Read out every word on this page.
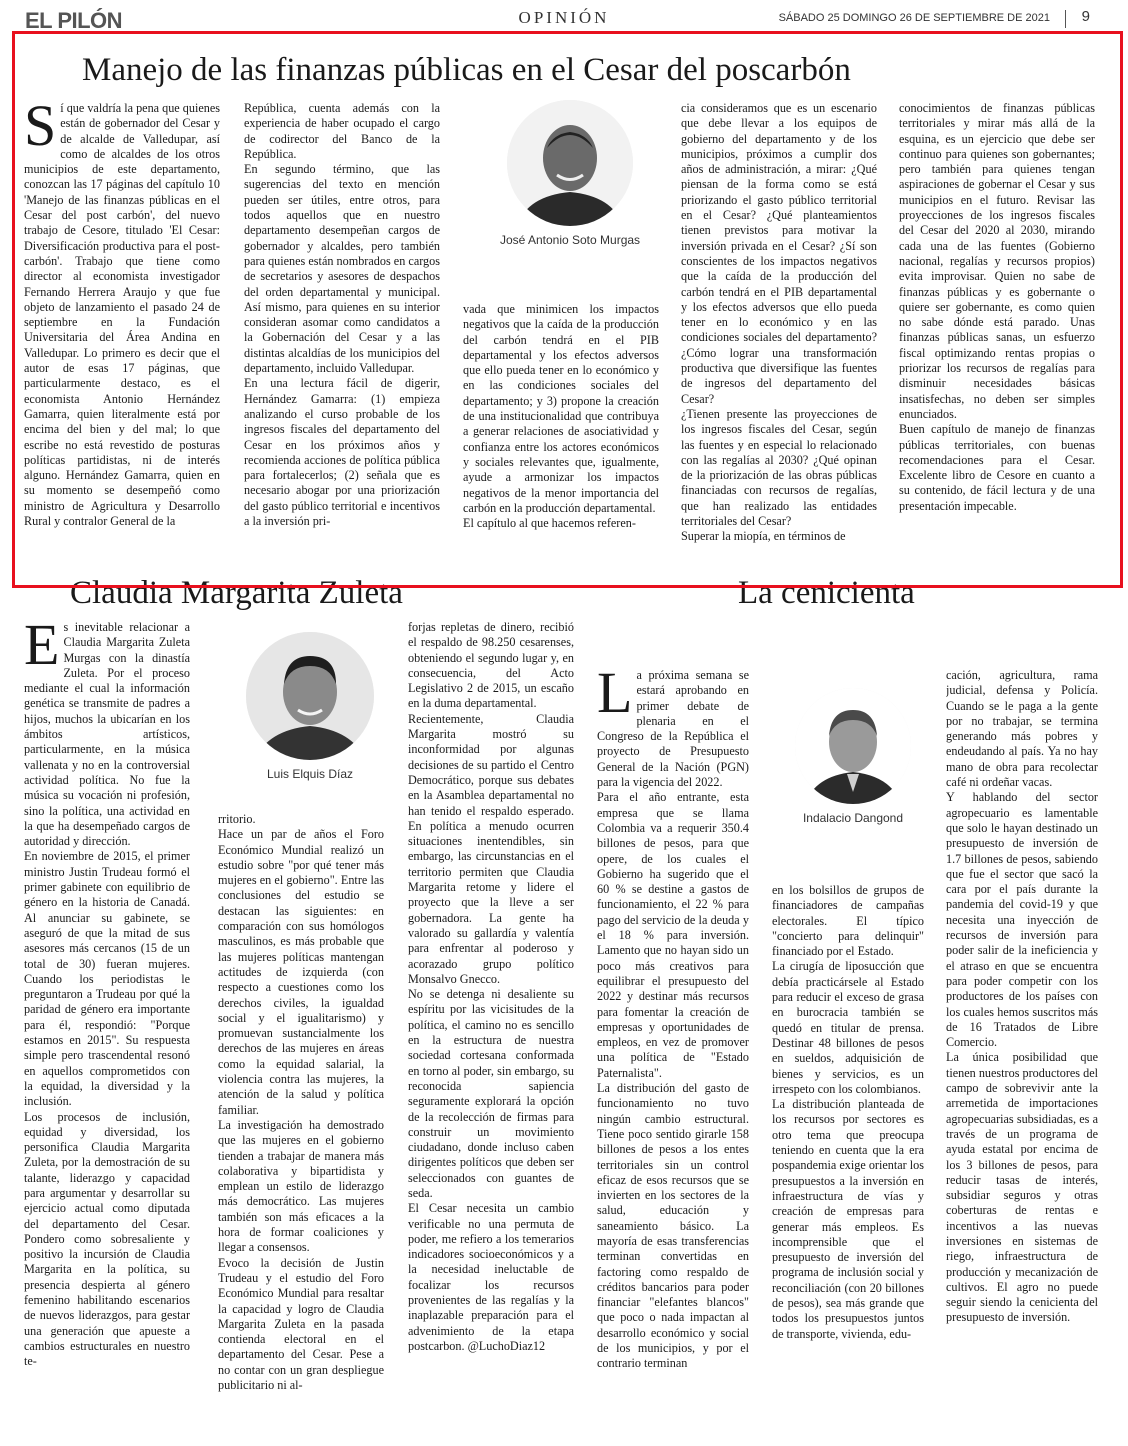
EL PILÓN	OPINIÓN	SÁBADO 25 DOMINGO 26 DE SEPTIEMBRE DE 2021 9
Manejo de las finanzas públicas en el Cesar del poscarbón

Sí que valdría la pena que quienes están de gobernador del Cesar y de alcalde de Valledupar, así como de alcaldes de los otros municipios de este departamento, conozcan las 17 páginas del capítulo 10 'Manejo de las finanzas públicas en el Cesar del post carbón', del nuevo trabajo de Cesore, titulado 'El Cesar: Diversificación productiva para el post-carbón'. Trabajo que tiene como director al economista investigador Fernando Herrera Araujo y que fue objeto de lanzamiento el pasado 24 de septiembre en la Fundación Universitaria del Área Andina en Valledupar. Lo primero es decir que el autor de esas 17 páginas, que particularmente destaco, es el economista Antonio Hernández Gamarra, quien literalmente está por encima del bien y del mal; lo que escribe no está revestido de posturas políticas partidistas, ni de interés alguno. Hernández Gamarra, quien en su momento se desempeñó como ministro de Agricultura y Desarrollo Rural y contralor General de la

República, cuenta además con la experiencia de haber ocupado el cargo de codirector del Banco de la República.

En segundo término, que las sugerencias del texto en mención pueden ser útiles, entre otros, para todos aquellos que en nuestro departamento desempeñan cargos de gobernador y alcaldes, pero también para quienes están nombrados en cargos de secretarios y asesores de despachos del orden departamental y municipal. Así mismo, para quienes en su interior consideran asomar como candidatos a la Gobernación del Cesar y a las distintas alcaldías de los municipios del departamento, incluido Valledupar.

En una lectura fácil de digerir, Hernández Gamarra: (1) empieza analizando el curso probable de los ingresos fiscales del departamento del Cesar en los próximos años y recomienda acciones de política pública para fortalecerlos; (2) señala que es necesario abogar por una priorización del gasto público territorial e incentivos a la inversión pri-

José Antonio Soto Murgas

vada que minimicen los impactos negativos que la caída de la producción del carbón tendrá en el PIB departamental y los efectos adversos que ello pueda tener en lo económico y en las condiciones sociales del departamento; y 3) propone la creación de una institucionalidad que contribuya a generar relaciones de asociatividad y confianza entre los actores económicos y sociales relevantes que, igualmente, ayude a armonizar los impactos negativos de la menor importancia del carbón en la producción departamental.

El capítulo al que hacemos referen-

cia consideramos que es un escenario que debe llevar a los equipos de gobierno del departamento y de los municipios, próximos a cumplir dos años de administración, a mirar: ¿Qué piensan de la forma como se está priorizando el gasto público territorial en el Cesar? ¿Qué planteamientos tienen previstos para motivar la inversión privada en el Cesar? ¿Sí son conscientes de los impactos negativos que la caída de la producción del carbón tendrá en el PIB departamental y los efectos adversos que ello pueda tener en lo económico y en las condiciones sociales del departamento? ¿Cómo lograr una transformación productiva que diversifique las fuentes de ingresos del departamento del Cesar?

¿Tienen presente las proyecciones de los ingresos fiscales del Cesar, según las fuentes y en especial lo relacionado con las regalías al 2030? ¿Qué opinan de la priorización de las obras públicas financiadas con recursos de regalías, que han realizado las entidades territoriales del Cesar?

Superar la miopía, en términos de

conocimientos de finanzas públicas territoriales y mirar más allá de la esquina, es un ejercicio que debe ser continuo para quienes son gobernantes; pero también para quienes tengan aspiraciones de gobernar el Cesar y sus municipios en el futuro. Revisar las proyecciones de los ingresos fiscales del Cesar del 2020 al 2030, mirando cada una de las fuentes (Gobierno nacional, regalías y recursos propios) evita improvisar. Quien no sabe de finanzas públicas y es gobernante o quiere ser gobernante, es como quien no sabe dónde está parado. Unas finanzas públicas sanas, un esfuerzo fiscal optimizando rentas propias o priorizar los recursos de regalías para disminuir necesidades básicas insatisfechas, no deben ser simples enunciados.

Buen capítulo de manejo de finanzas públicas territoriales, con buenas recomendaciones para el Cesar. Excelente libro de Cesore en cuanto a su contenido, de fácil lectura y de una presentación impecable.

Claudia Margarita Zuleta

Es inevitable relacionar a Claudia Margarita Zuleta Murgas con la dinastía Zuleta. Por el proceso mediante el cual la información genética se transmite de padres a hijos, muchos la ubicarían en los ámbitos artísticos, particularmente, en la música vallenata y no en la controversial actividad política. No fue la música su vocación ni profesión, sino la política, una actividad en la que ha desempeñado cargos de autoridad y dirección.

En noviembre de 2015, el primer ministro Justin Trudeau formó el primer gabinete con equilibrio de género en la historia de Canadá. Al anunciar su gabinete, se aseguró de que la mitad de sus asesores más cercanos (15 de un total de 30) fueran mujeres. Cuando los periodistas le preguntaron a Trudeau por qué la paridad de género era importante para él, respondió: "Porque estamos en 2015". Su respuesta simple pero trascendental resonó en aquellos comprometidos con la equidad, la diversidad y la inclusión.

Los procesos de inclusión, equidad y diversidad, los personifica Claudia Margarita Zuleta, por la demostración de su talante, liderazgo y capacidad para argumentar y desarrollar su ejercicio actual como diputada del departamento del Cesar. Pondero como sobresaliente y positivo la incursión de Claudia Margarita en la política, su presencia despierta al género femenino habilitando escenarios de nuevos liderazgos, para gestar una generación que apueste a cambios estructurales en nuestro te-

Luis Elquis Díaz

rritorio.

Hace un par de años el Foro Económico Mundial realizó un estudio sobre "por qué tener más mujeres en el gobierno". Entre las conclusiones del estudio se destacan las siguientes: en comparación con sus homólogos masculinos, es más probable que las mujeres políticas mantengan actitudes de izquierda (con respecto a cuestiones como los derechos civiles, la igualdad social y el igualitarismo) y promuevan sustancialmente los derechos de las mujeres en áreas como la equidad salarial, la violencia contra las mujeres, la atención de la salud y política familiar.

La investigación ha demostrado que las mujeres en el gobierno tienden a trabajar de manera más colaborativa y bipartidista y emplean un estilo de liderazgo más democrático. Las mujeres también son más eficaces a la hora de formar coaliciones y llegar a consensos.

Evoco la decisión de Justin Trudeau y el estudio del Foro Económico Mundial para resaltar la capacidad y logro de Claudia Margarita Zuleta en la pasada contienda electoral en el departamento del Cesar. Pese a no contar con un gran despliegue publicitario ni al-

forjas repletas de dinero, recibió el respaldo de 98.250 cesarenses, obteniendo el segundo lugar y, en consecuencia, del Acto Legislativo 2 de 2015, un escaño en la duma departamental.

Recientemente, Claudia Margarita mostró su inconformidad por algunas decisiones de su partido el Centro Democrático, porque sus debates en la Asamblea departamental no han tenido el respaldo esperado. En política a menudo ocurren situaciones inentendibles, sin embargo, las circunstancias en el territorio permiten que Claudia Margarita retome y lidere el proyecto que la lleve a ser gobernadora. La gente ha valorado su gallardía y valentía para enfrentar al poderoso y acorazado grupo político Monsalvo Gnecco.

No se detenga ni desaliente su espíritu por las vicisitudes de la política, el camino no es sencillo en la estructura de nuestra sociedad cortesana conformada en torno al poder, sin embargo, su reconocida sapiencia seguramente explorará la opción de la recolección de firmas para construir un movimiento ciudadano, donde incluso caben dirigentes políticos que deben ser seleccionados con guantes de seda.

El Cesar necesita un cambio verificable no una permuta de poder, me refiero a los temerarios indicadores socioeconómicos y a la necesidad ineluctable de focalizar los recursos provenientes de las regalías y la inaplazable preparación para el advenimiento de la etapa postcarbon. @LuchoDiaz12

La cenicienta

La próxima semana se estará aprobando en primer debate de plenaria en el Congreso de la República el proyecto de Presupuesto General de la Nación (PGN) para la vigencia del 2022.

Para el año entrante, esta empresa que se llama Colombia va a requerir 350.4 billones de pesos, para que opere, de los cuales el Gobierno ha sugerido que el 60 % se destine a gastos de funcionamiento, el 22 % para pago del servicio de la deuda y el 18 % para inversión. Lamento que no hayan sido un poco más creativos para equilibrar el presupuesto del 2022 y destinar más recursos para fomentar la creación de empresas y oportunidades de empleos, en vez de promover una política de "Estado Paternalista".

La distribución del gasto de funcionamiento no tuvo ningún cambio estructural. Tiene poco sentido girarle 158 billones de pesos a los entes territoriales sin un control eficaz de esos recursos que se invierten en los sectores de la salud, educación y saneamiento básico. La mayoría de esas transferencias terminan convertidas en factoring como respaldo de créditos bancarios para poder financiar "elefantes blancos" que poco o nada impactan al desarrollo económico y social de los municipios, y por el contrario terminan

Indalacio Dangond

en los bolsillos de grupos de financiadores de campañas electorales. El típico "concierto para delinquir" financiado por el Estado.

La cirugía de liposucción que debía practicársele al Estado para reducir el exceso de grasa en burocracia también se quedó en titular de prensa. Destinar 48 billones de pesos en sueldos, adquisición de bienes y servicios, es un irrespeto con los colombianos.

La distribución planteada de los recursos por sectores es otro tema que preocupa teniendo en cuenta que la era pospandemia exige orientar los presupuestos a la inversión en infraestructura de vías y creación de empresas para generar más empleos. Es incomprensible que el presupuesto de inversión del programa de inclusión social y reconciliación (con 20 billones de pesos), sea más grande que todos los presupuestos juntos de transporte, vivienda, edu-

cación, agricultura, rama judicial, defensa y Policía. Cuando se le paga a la gente por no trabajar, se termina generando más pobres y endeudando al país. Ya no hay mano de obra para recolectar café ni ordeñar vacas.

Y hablando del sector agropecuario es lamentable que solo le hayan destinado un presupuesto de inversión de 1.7 billones de pesos, sabiendo que fue el sector que sacó la cara por el país durante la pandemia del covid-19 y que necesita una inyección de recursos de inversión para poder salir de la ineficiencia y el atraso en que se encuentra para poder competir con los productores de los países con los cuales hemos suscritos más de 16 Tratados de Libre Comercio.

La única posibilidad que tienen nuestros productores del campo de sobrevivir ante la arremetida de importaciones agropecuarias subsidiadas, es a través de un programa de ayuda estatal por encima de los 3 billones de pesos, para reducir tasas de interés, subsidiar seguros y otras coberturas de rentas e incentivos a las nuevas inversiones en sistemas de riego, infraestructura de producción y mecanización de cultivos. El agro no puede seguir siendo la cenicienta del presupuesto de inversión.
